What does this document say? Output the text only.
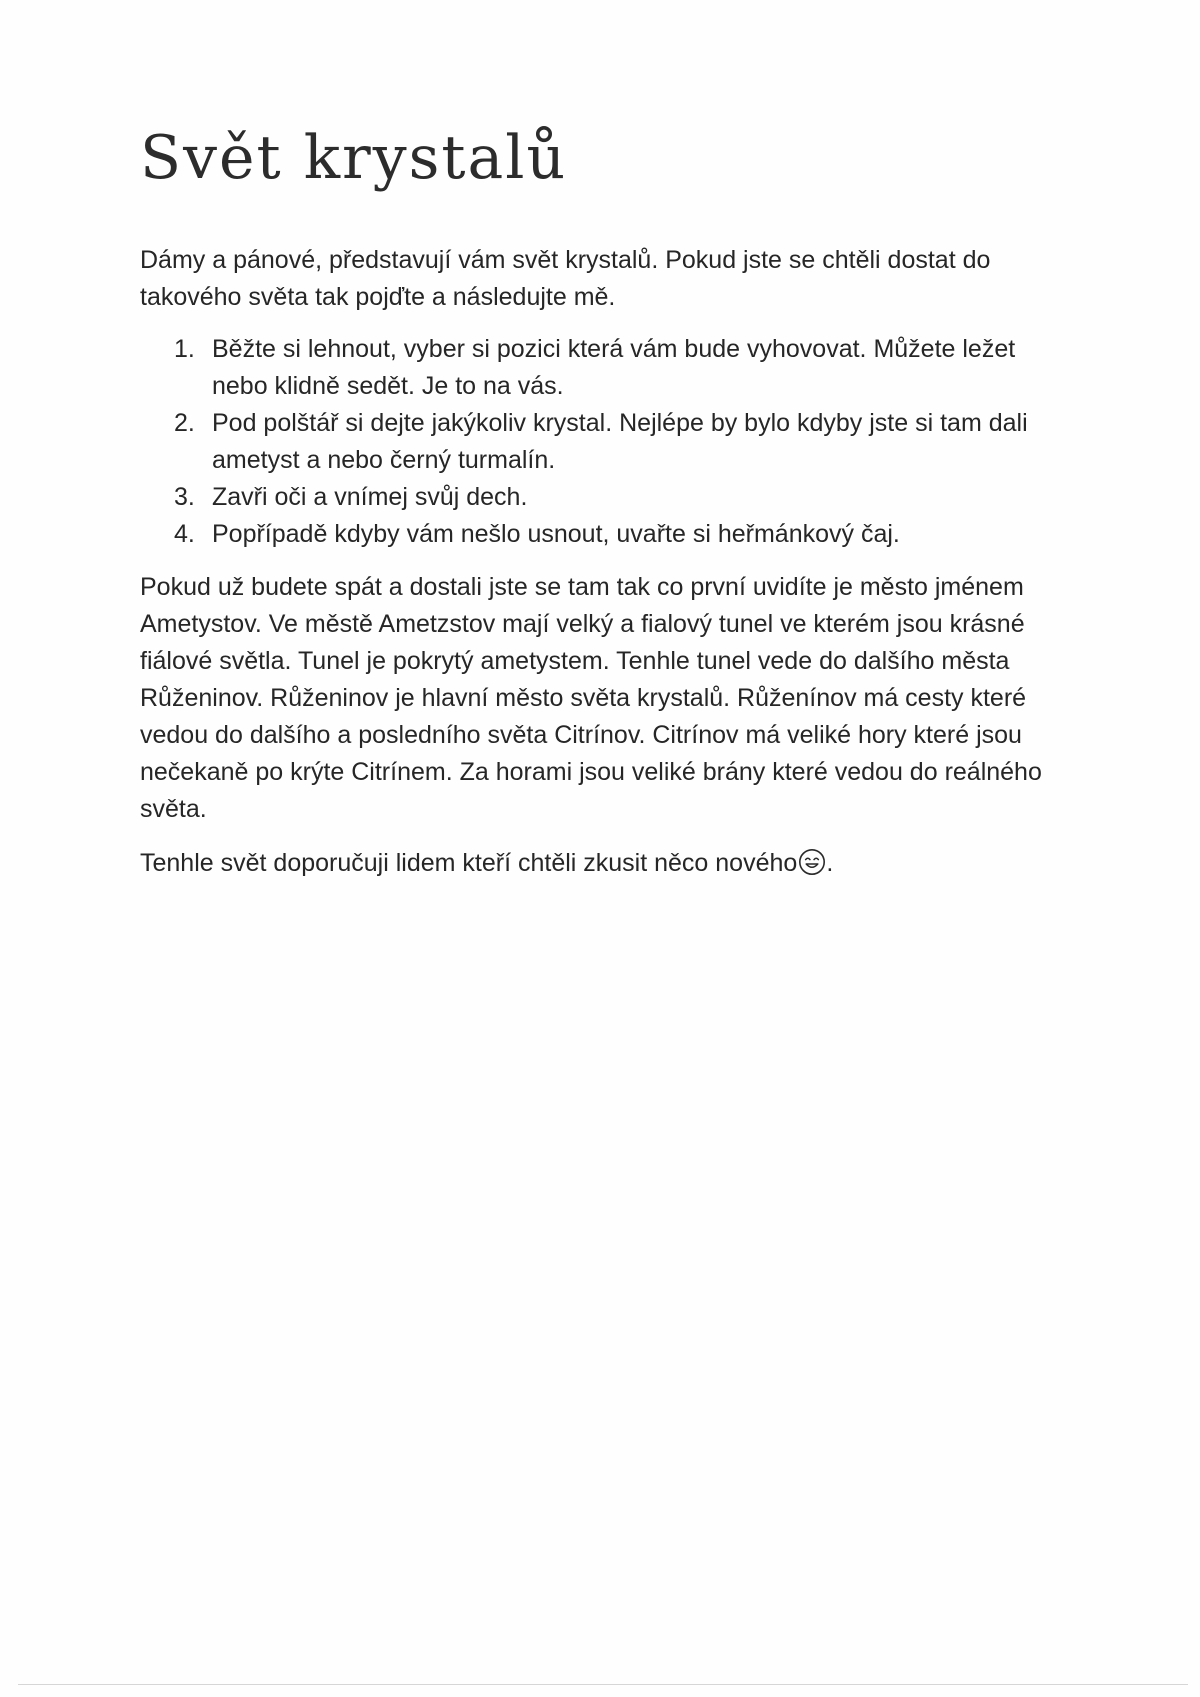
Svět krystalů

Dámy a pánové, představují vám svět krystalů. Pokud jste se chtěli dostat do takového světa tak pojďte a následujte mě.

1. Běžte si lehnout, vyber si pozici která vám bude vyhovovat. Můžete ležet nebo klidně sedět. Je to na vás.
2. Pod polštář si dejte jakýkoliv krystal. Nejlépe by bylo kdyby jste si tam dali ametyst a nebo černý turmalín.
3. Zavři oči a vnímej svůj dech.
4. Popřípadě kdyby vám nešlo usnout, uvařte si heřmánkový čaj.

Pokud už budete spát a dostali jste se tam tak co první uvidíte je město jménem Ametystov. Ve městě Ametzstov mají velký a fialový tunel ve kterém jsou krásné fiálové světla. Tunel je pokrytý ametystem. Tenhle tunel vede do dalšího města Růženinov. Růženinov je hlavní město světa krystalů. Růženínov má cesty které vedou do dalšího a posledního světa Citrínov. Citrínov má veliké hory které jsou nečekaně po krýte Citrínem. Za horami jsou veliké brány které vedou do reálného světa.

Tenhle svět doporučuji lidem kteří chtěli zkusit něco nového .
